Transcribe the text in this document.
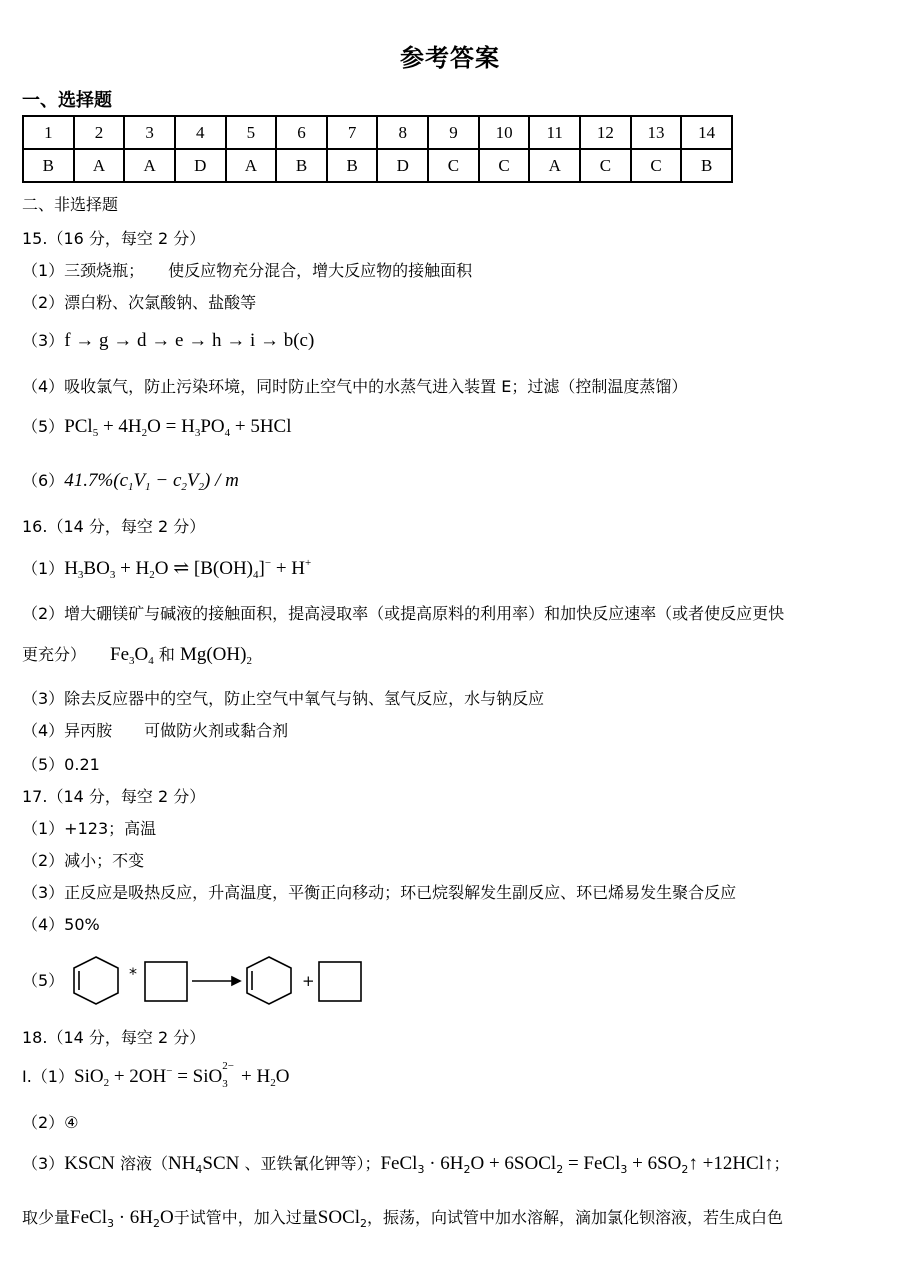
参考答案
一、选择题
1	2	3	4	5	6	7	8	9	10	11	12	13	14
B	A	A	D	A	B	B	D	C	C	A	C	C	B
二、非选择题
15.（16 分，每空 2 分）
（1）三颈烧瓶；　　使反应物充分混合，增大反应物的接触面积
（2）漂白粉、次氯酸钠、盐酸等
（3）f → g → d → e → h → i → b(c)
（4）吸收氯气，防止污染环境，同时防止空气中的水蒸气进入装置 E；过滤（控制温度蒸馏）
$(5)PCl_5 + 4H_2O = H_3PO_4 + 5HCl$
$(6)41.7\%(c_1V_1 - c_2V_2) / m$
16.（14 分，每空 2 分）
$(1)H_3BO_3 + H_2O$ ⇌ $[B(OH)_4]^- + H^+$
（2）增大硼镁矿与碱液的接触面积，提高浸取率（或提高原料的利用率）和加快反应速率（或者使反应更快
更充分）　　$Fe_3O_4$ 和 $Mg(OH)_2$
（3）除去反应器中的空气，防止空气中氧气与钠、氢气反应，水与钠反应
（4）异丙胺　　可做防火剂或黏合剂
（5）0.21
17.（14 分，每空 2 分）
（1）+123；高温
（2）减小；不变
（3）正反应是吸热反应，升高温度，平衡正向移动；环已烷裂解发生副反应、环已烯易发生聚合反应
（4）50%
（5）	*	+
18.（14 分，每空 2 分）
Ⅰ.（1）SiO$_2$ + 2OH− = SiO 2−
$3 + H_2O$
（2）④
（3）KSCN 溶液（$NH_4SCN$ 、亚铁氰化钾等）；FeCl$_3$ · $6H_2O$ + 6SOCl$_2$ = FeCl$_3$ + $6SO_2↑$ +12HCl↑；
取少量FeCl$_3$ · $6H_2O$于试管中，加入过量SOCl$_2$，振荡，向试管中加水溶解，滴加氯化钡溶液，若生成白色
